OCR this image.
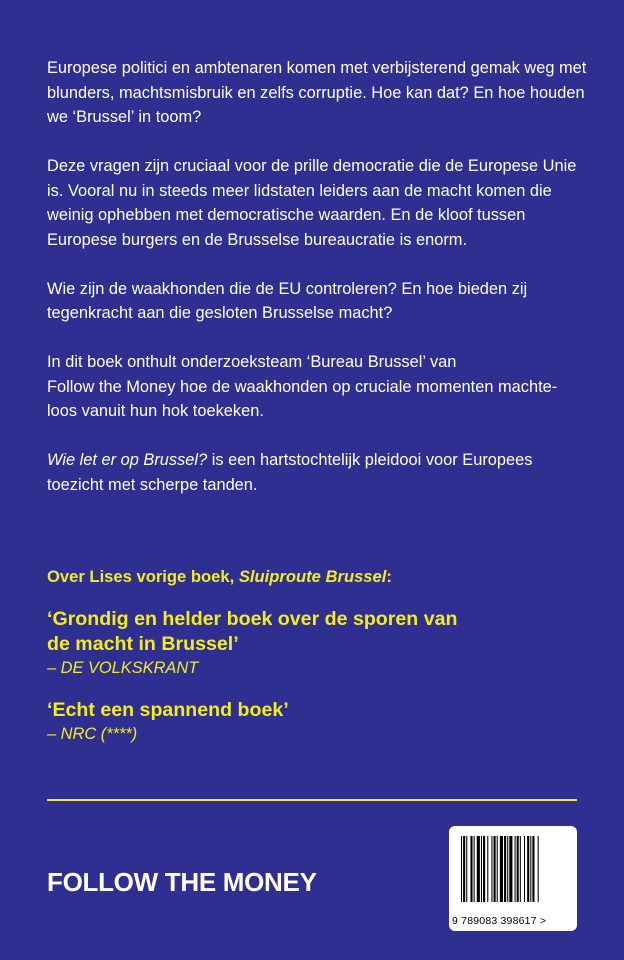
Europese politici en ambtenaren komen met verbijsterend gemak weg met blunders, machtsmisbruik en zelfs corruptie. Hoe kan dat? En hoe houden we ‘Brussel’ in toom?

Deze vragen zijn cruciaal voor de prille democratie die de Europese Unie is. Vooral nu in steeds meer lidstaten leiders aan de macht komen die weinig ophebben met democratische waarden. En de kloof tussen Europese burgers en de Brusselse bureaucratie is enorm.

Wie zijn de waakhonden die de EU controleren? En hoe bieden zij tegenkracht aan die gesloten Brusselse macht?

In dit boek onthult onderzoeksteam ‘Bureau Brussel’ van
Follow the Money hoe de waakhonden op cruciale momenten machte-
loos vanuit hun hok toekeken.

Wie let er op Brussel? is een hartstochtelijk pleidooi voor Europees toezicht met scherpe tanden.

Over Lises vorige boek, Sluiproute Brussel:
‘Grondig en helder boek over de sporen van
de macht in Brussel’
– DE VOLKSKRANT
‘Echt een spannend boek’
– NRC (****)
FOLLOW THE MONEY
9 789083 398617 >
